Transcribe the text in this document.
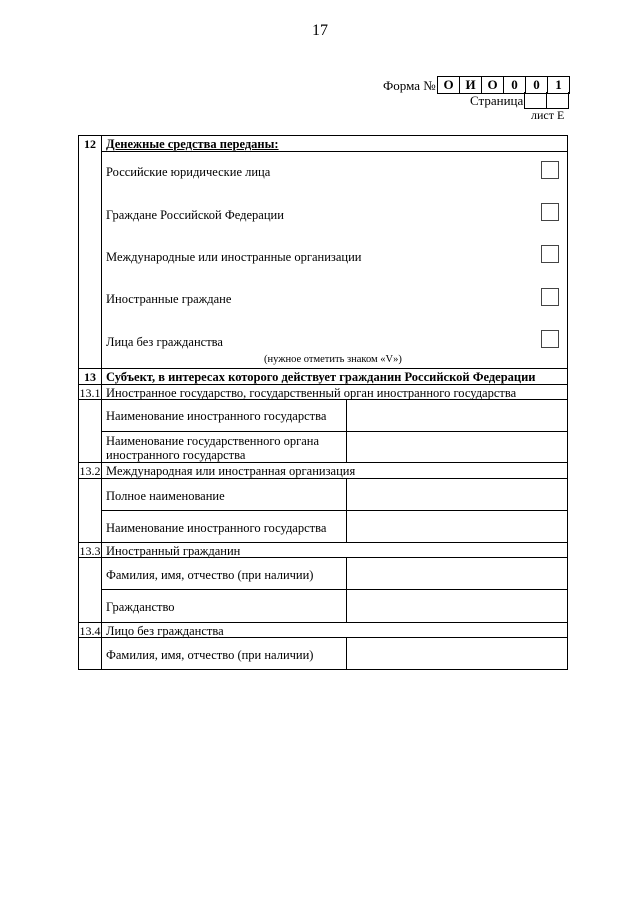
17
Форма № О И О	0	0	1
Страница
лист Е
12 Денежные средства переданы:
Российские юридические лица
Граждане Российской Федерации
Международные или иностранные организации
Иностранные граждане
Лица без гражданства
(нужное отметить знаком «V»)
13 Субъект, в интересах которого действует гражданин Российской Федерации
13.1 Иностранное государство, государственный орган иностранного государства
Наименование иностранного государства
Наименование государственного органа
иностранного государства
13.2 Международная или иностранная организация
Полное наименование
Наименование иностранного государства
13.3 Иностранный гражданин
Фамилия, имя, отчество (при наличии)
Гражданство
13.4 Лицо без гражданства
Фамилия, имя, отчество (при наличии)
